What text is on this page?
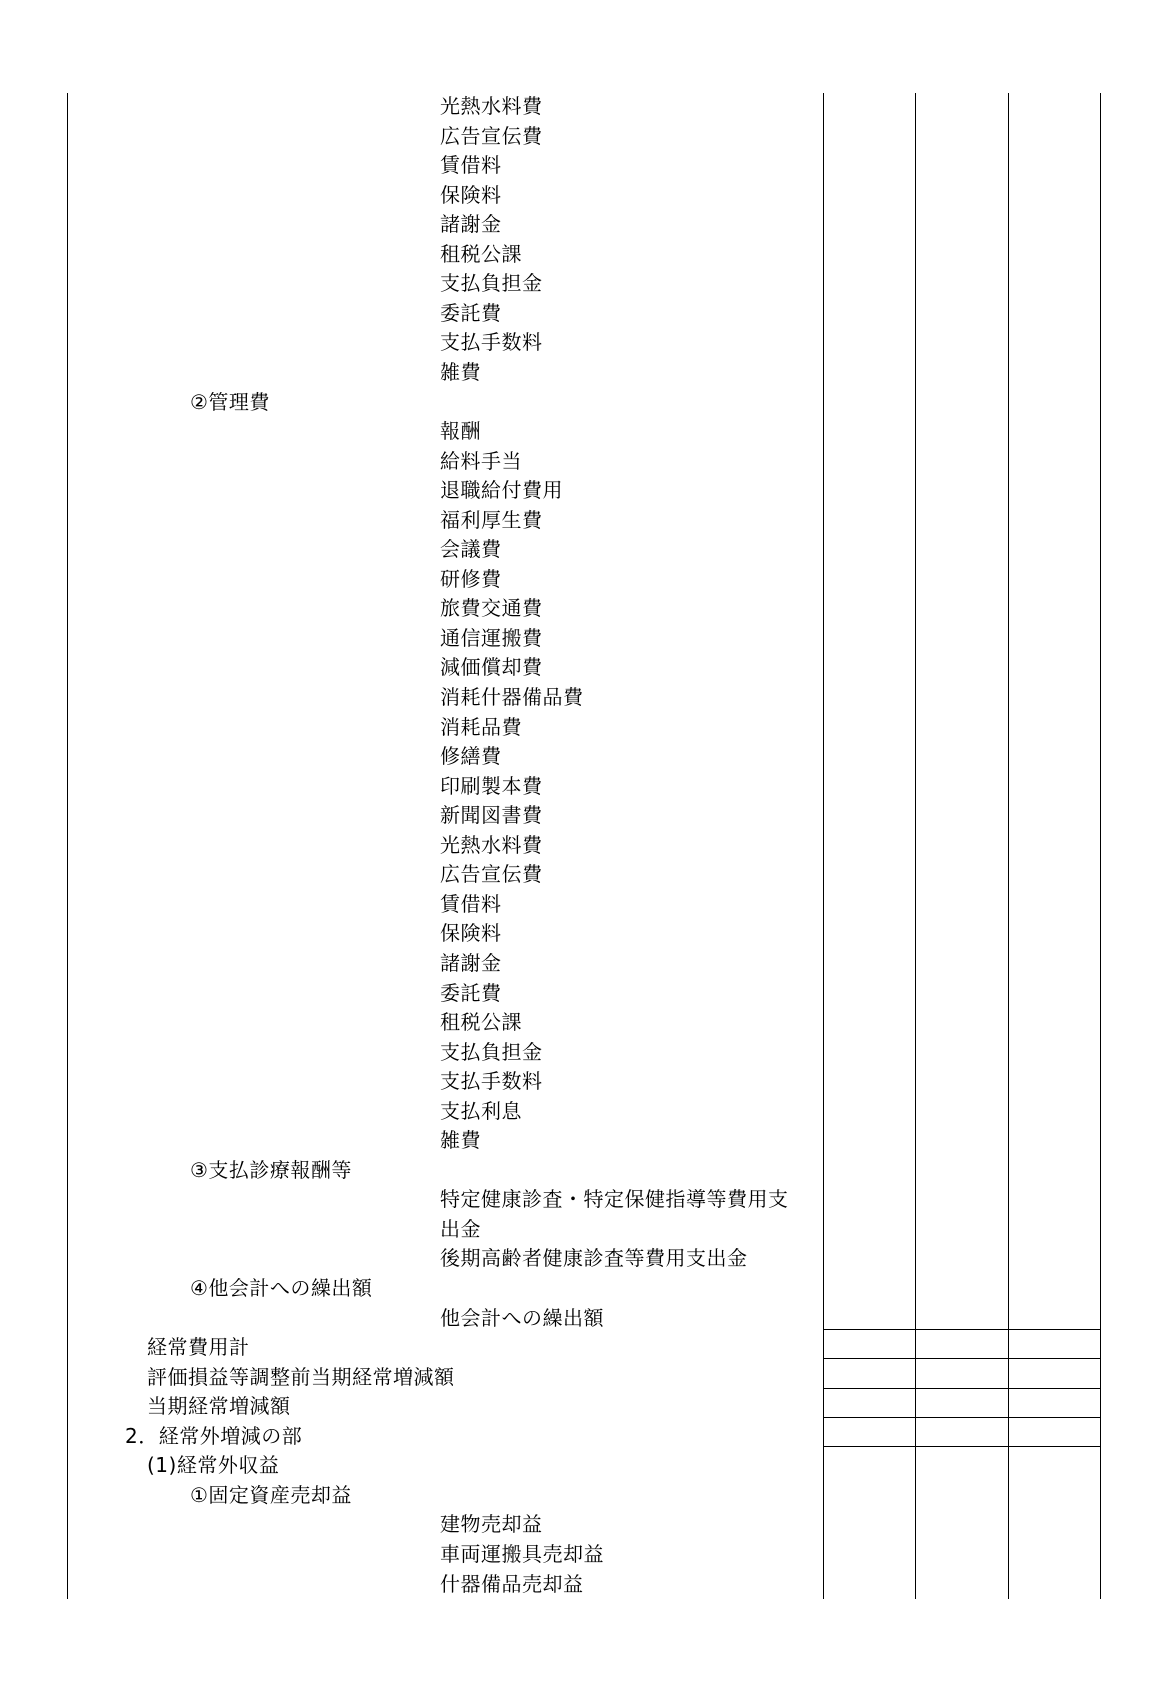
光熱水料費
広告宣伝費
賃借料
保険料
諸謝金
租税公課
支払負担金
委託費
支払手数料
雑費
②管理費
報酬
給料手当
退職給付費用
福利厚生費
会議費
研修費
旅費交通費
通信運搬費
減価償却費
消耗什器備品費
消耗品費
修繕費
印刷製本費
新聞図書費
光熱水料費
広告宣伝費
賃借料
保険料
諸謝金
委託費
租税公課
支払負担金
支払手数料
支払利息
雑費
③支払診療報酬等
特定健康診査・特定保健指導等費用支
出金
後期高齢者健康診査等費用支出金
④他会計への繰出額
他会計への繰出額
経常費用計
評価損益等調整前当期経常増減額
当期経常増減額
2．経常外増減の部
(1)経常外収益
①固定資産売却益
建物売却益
車両運搬具売却益
什器備品売却益
